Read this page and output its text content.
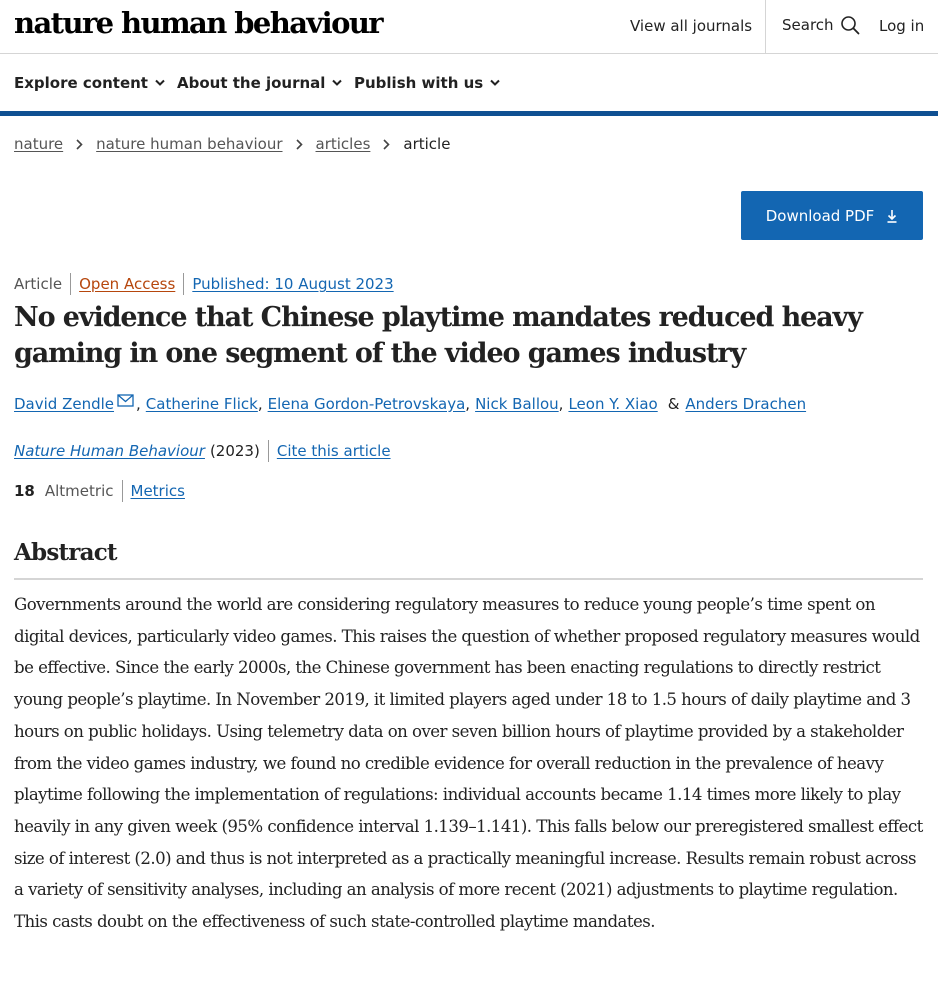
nature human behaviour	View all journals Search	Log in
Explore content About the journal Publish with us
nature nature human behaviour articles article
Download PDF
Article Open Access Published: 10 August 2023
No evidence that Chinese playtime mandates reduced heavy gaming in one segment of the video games industry
David Zendle , Catherine Flick , Elena Gordon-Petrovskaya , Nick Ballou , Leon Y. Xiao & Anders Drachen
Nature Human Behaviour (2023) Cite this article
18 Altmetric Metrics
Abstract

Governments around the world are considering regulatory measures to reduce young people’s time spent on digital devices, particularly video games. This raises the question of whether proposed regulatory measures would be effective. Since the early 2000s, the Chinese government has been enacting regulations to directly restrict young people’s playtime. In November 2019, it limited players aged under 18 to 1.5 hours of daily playtime and 3 hours on public holidays. Using telemetry data on over seven billion hours of playtime provided by a stakeholder from the video games industry, we found no credible evidence for overall reduction in the prevalence of heavy playtime following the implementation of regulations: individual accounts became 1.14 times more likely to play heavily in any given week (95% confidence interval 1.139–1.141). This falls below our preregistered smallest effect size of interest (2.0) and thus is not interpreted as a practically meaningful increase. Results remain robust across a variety of sensitivity analyses, including an analysis of more recent (2021) adjustments to playtime regulation. This casts doubt on the effectiveness of such state-controlled playtime mandates.
